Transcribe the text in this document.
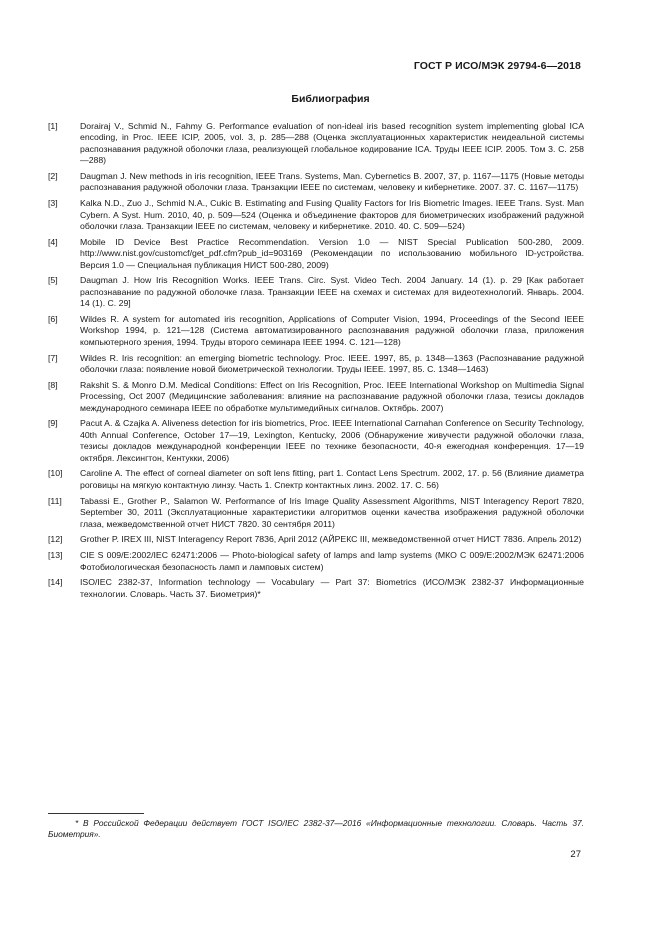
ГОСТ Р ИСО/МЭК 29794-6—2018
Библиография
[1]	Dorairaj V., Schmid N., Fahmy G. Performance evaluation of non-ideal iris based recognition system implementing global ICA encoding, in Proc. IEEE ICIP, 2005, vol. 3, p. 285—288 (Оценка эксплуатационных характеристик неидеальной системы распознавания радужной оболочки глаза, реализующей глобальное кодирование ICA. Труды IEEE ICIP. 2005. Том 3. С. 258—288)
[2]	Daugman J. New methods in iris recognition, IEEE Trans. Systems, Man. Cybernetics B. 2007, 37, p. 1167—1175 (Новые методы распознавания радужной оболочки глаза. Транзакции IEEE по системам, человеку и кибернетике. 2007. 37. С. 1167—1175)
[3]	Kalka N.D., Zuo J., Schmid N.A., Cukic B. Estimating and Fusing Quality Factors for Iris Biometric Images. IEEE Trans. Syst. Man Cybern. A Syst. Hum. 2010, 40, p. 509—524 (Оценка и объединение факторов для биометрических изображений радужной оболочки глаза. Транзакции IEEE по системам, человеку и кибернетике. 2010. 40. С. 509—524)
[4]	Mobile ID Device Best Practice Recommendation. Version 1.0 — NIST Special Publication 500-280, 2009. http://www.nist.gov/customcf/get_pdf.cfm?pub_id=903169 (Рекомендации по использованию мобильного ID-устройства. Версия 1.0 — Специальная публикация НИСТ 500-280, 2009)
[5]	Daugman J. How Iris Recognition Works. IEEE Trans. Circ. Syst. Video Tech. 2004 January. 14 (1). p. 29 [Как работает распознавание по радужной оболочке глаза. Транзакции IEEE на схемах и системах для видеотехнологий. Январь. 2004. 14 (1). С. 29]
[6]	Wildes R. A system for automated iris recognition, Applications of Computer Vision, 1994, Proceedings of the Second IEEE Workshop 1994, p. 121—128 (Система автоматизированного распознавания радужной оболочки глаза, приложения компьютерного зрения, 1994. Труды второго семинара IEEE 1994. С. 121—128)
[7]	Wildes R. Iris recognition: an emerging biometric technology. Proc. IEEE. 1997, 85, p. 1348—1363 (Распознавание радужной оболочки глаза: появление новой биометрической технологии. Труды IEEE. 1997, 85. С. 1348—1463)
[8]	Rakshit S. & Monro D.M. Medical Conditions: Effect on Iris Recognition, Proc. IEEE International Workshop on Multimedia Signal Processing, Oct 2007 (Медицинские заболевания: влияние на распознавание радужной оболочки глаза, тезисы докладов международного семинара IEEE по обработке мультимедийных сигналов. Октябрь. 2007)
[9]	Pacut A. & Czajka A. Aliveness detection for iris biometrics, Proc. IEEE International Carnahan Conference on Security Technology, 40th Annual Conference, October 17—19, Lexington, Kentucky, 2006 (Обнаружение живучести радужной оболочки глаза, тезисы докладов международной конференции IEEE по технике безопасности, 40-я ежегодная конференция. 17—19 октября. Лексингтон, Кентукки, 2006)
[10]	Caroline A. The effect of corneal diameter on soft lens fitting, part 1. Contact Lens Spectrum. 2002, 17. p. 56 (Влияние диаметра роговицы на мягкую контактную линзу. Часть 1. Спектр контактных линз. 2002. 17. С. 56)
[11]	Tabassi E., Grother P., Salamon W. Performance of Iris Image Quality Assessment Algorithms, NIST Interagency Report 7820, September 30, 2011 (Эксплуатационные характеристики алгоритмов оценки качества изображения радужной оболочки глаза, межведомственной отчет НИСТ 7820. 30 сентября 2011)
[12]	Grother P. IREX III, NIST Interagency Report 7836, April 2012 (АЙРЕКС III, межведомственной отчет НИСТ 7836. Апрель 2012)
[13]	CIE S 009/E:2002/IEC 62471:2006 — Photo-biological safety of lamps and lamp systems (МКО С 009/Е:2002/МЭК 62471:2006 Фотобиологическая безопасность ламп и ламповых систем)
[14]	ISO/IEC 2382-37, Information technology — Vocabulary — Part 37: Biometrics (ИСО/МЭК 2382-37 Информационные технологии. Словарь. Часть 37. Биометрия)*
* В Российской Федерации действует ГОСТ ISO/IEC 2382-37—2016 «Информационные технологии. Словарь. Часть 37. Биометрия».
27
